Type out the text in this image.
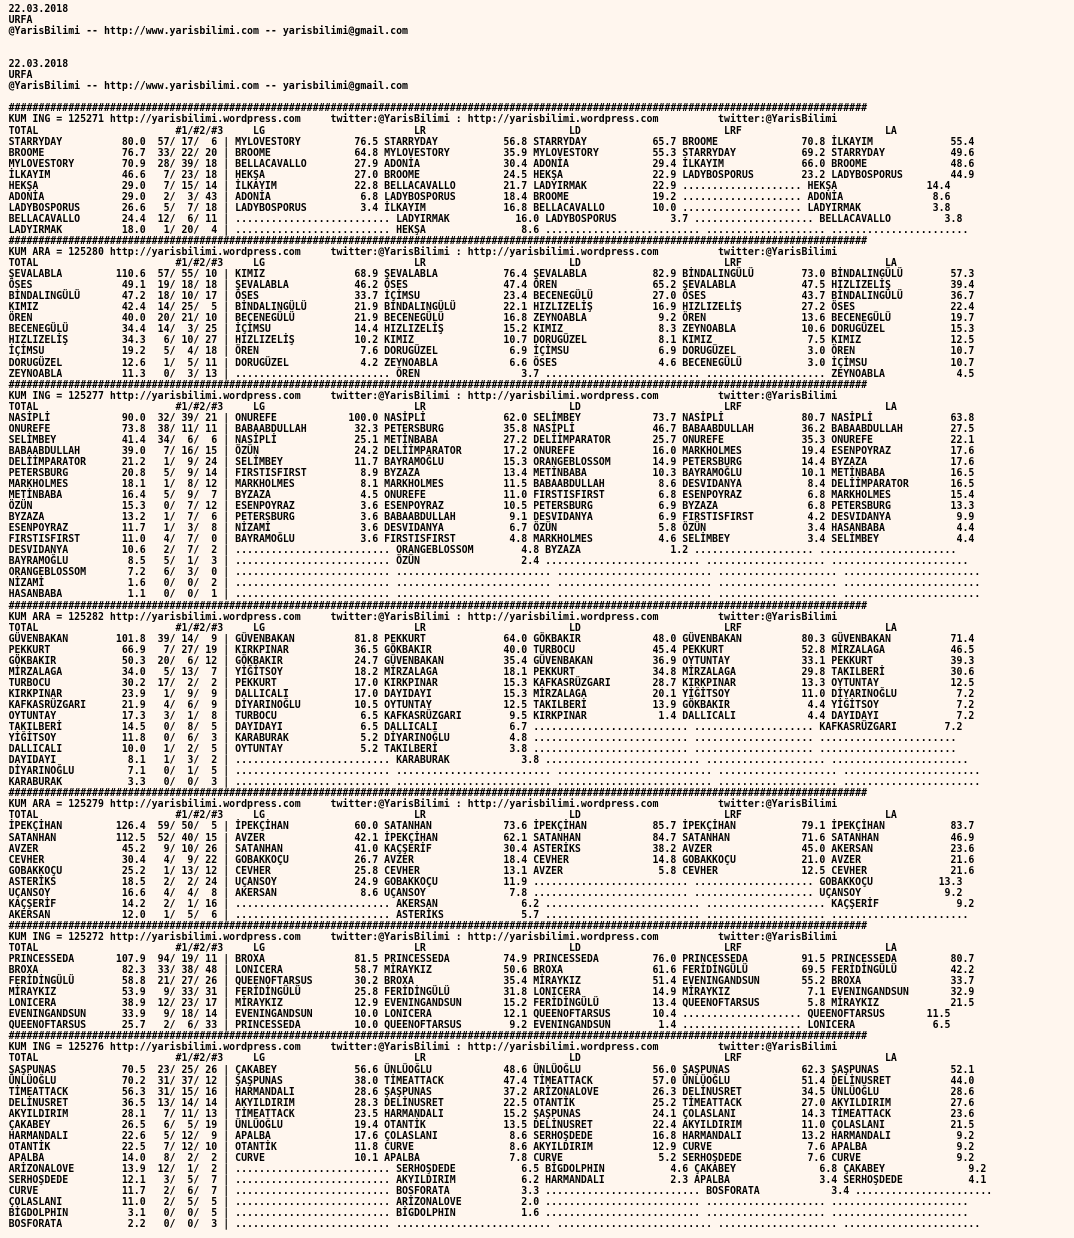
22.03.2018
URFA
@YarisBilimi -- http://www.yarisbilimi.com -- yarisbilimi@gmail.com
22.03.2018
URFA
@YarisBilimi -- http://www.yarisbilimi.com -- yarisbilimi@gmail.com
################################################################################################################################################
KUM ING = 125271 http://yarisbilimi.wordpress.com     twitter:@YarisBilimi : http://yarisbilimi.wordpress.com          twitter:@YarisBilimi
TOTAL                       #1/#2/#3     LG                         LR                        LD                        LRF                        LA
STARRYDAY          80.0  57/ 17/  6 | MYLOVESTORY         76.5 STARRYDAY           56.8 STARRYDAY           65.7 BROOME              70.8 İLKAYIM             55.4
BROOME             76.7  33/ 22/ 20 | BROOME              64.8 MYLOVESTORY         35.9 MYLOVESTORY         55.3 STARRYDAY           69.2 STARRYDAY           49.6
MYLOVESTORY        70.9  28/ 39/ 18 | BELLACAVALLO        27.9 ADONİA              30.4 ADONİA              29.4 İLKAYIM             66.0 BROOME              48.6
İLKAYIM            46.6   7/ 23/ 18 | HEKŞA               27.0 BROOME              24.5 HEKŞA               22.9 LADYBOSPORUS        23.2 LADYBOSPORUS        44.9
HEKŞA              29.0   7/ 15/ 14 | İLKAYIM             22.8 BELLACAVALLO        21.7 LADYIRMAK           22.9 .................... HEKŞA               14.4
ADONİA             29.0   2/  3/ 43 | ADONİA               6.8 LADYBOSPORUS        18.4 BROOME              19.2 .................... ADONİA               8.6
LADYBOSPORUS       26.6   5/  7/ 18 | LADYBOSPORUS         3.4 İLKAYIM             16.8 BELLACAVALLO        10.0 .................... LADYIRMAK            3.8
BELLACAVALLO       24.4  12/  6/ 11 | .......................... LADYIRMAK           16.0 LADYBOSPORUS         3.7 .................... BELLACAVALLO         3.8
LADYIRMAK          18.0   1/ 20/  4 | .......................... HEKŞA                8.6 .......................... .................... .......................
################################################################################################################################################
KUM ARA = 125280 http://yarisbilimi.wordpress.com     twitter:@YarisBilimi : http://yarisbilimi.wordpress.com          twitter:@YarisBilimi
TOTAL                       #1/#2/#3     LG                         LR                        LD                        LRF                        LA
ŞEVALABLA         110.6  57/ 55/ 10 | KIMIZ               68.9 ŞEVALABLA           76.4 ŞEVALABLA           82.9 BİNDALINGÜLÜ        73.0 BİNDALINGÜLÜ        57.3
ÖSES               49.1  19/ 18/ 18 | ŞEVALABLA           46.2 ÖSES                47.4 ÖREN                65.2 ŞEVALABLA           47.5 HIZLIZELİŞ          39.4
BİNDALINGÜLÜ       47.2  18/ 10/ 17 | ÖSES                33.7 İÇİMSU              23.4 BECENEGÜLÜ          27.0 ÖSES                43.7 BİNDALINGÜLÜ        36.7
KIMIZ              42.4  14/ 25/  5 | BİNDALINGÜLÜ        21.9 BİNDALINGÜLÜ        22.1 HIZLIZELİŞ          16.9 HIZLIZELİŞ          27.2 ÖSES                22.4
ÖREN               40.0  20/ 21/ 10 | BECENEGÜLÜ          21.9 BECENEGÜLÜ          16.8 ZEYNOABLA            9.2 ÖREN                13.6 BECENEGÜLÜ          19.7
BECENEGÜLÜ         34.4  14/  3/ 25 | İÇİMSU              14.4 HIZLIZELİŞ          15.2 KIMIZ                8.3 ZEYNOABLA           10.6 DORUGÜZEL           15.3
HIZLIZELİŞ         34.3   6/ 10/ 27 | HIZLIZELİŞ          10.2 KIMIZ               10.7 DORUGÜZEL            8.1 KIMIZ                7.5 KIMIZ               12.5
İÇİMSU             19.2   5/  4/ 18 | ÖREN                 7.6 DORUGÜZEL            6.9 İÇİMSU               6.9 DORUGÜZEL            3.0 ÖREN                10.7
DORUGÜZEL          12.6   1/  5/ 11 | DORUGÜZEL            4.2 ZEYNOABLA            6.6 ÖSES                 4.6 BECENEGÜLÜ           3.0 İÇİMSU              10.7
ZEYNOABLA          11.3   0/  3/ 13 | .......................... ÖREN                 3.7 .......................... .................... ZEYNOABLA            4.5
################################################################################################################################################
KUM ING = 125277 http://yarisbilimi.wordpress.com     twitter:@YarisBilimi : http://yarisbilimi.wordpress.com          twitter:@YarisBilimi
TOTAL                       #1/#2/#3     LG                         LR                        LD                        LRF                        LA
NASİPLİ            90.0  32/ 39/ 21 | ONUREFE            100.0 NASİPLİ             62.0 SELİMBEY            73.7 NASİPLİ             80.7 NASİPLİ             63.8
ONUREFE            73.8  38/ 11/ 11 | BABAABDULLAH        32.3 PETERSBURG          35.8 NASİPLİ             46.7 BABAABDULLAH        36.2 BABAABDULLAH        27.5
SELİMBEY           41.4  34/  6/  6 | NASİPLİ             25.1 METİNBABA           27.2 DELİİMPARATOR       25.7 ONUREFE             35.3 ONUREFE             22.1
BABAABDULLAH       39.0   7/ 16/ 15 | ÖZÜN                24.2 DELİİMPARATOR       17.2 ONUREFE             16.0 MARKHOLMES          19.4 ESENPOYRAZ          17.6
DELİİMPARATOR      21.2   1/  9/ 24 | SELİMBEY            11.7 BAYRAMOĞLU          15.3 ORANGEBLOSSOM       14.9 PETERSBURG          14.4 BYZAZA              17.6
PETERSBURG         20.8   5/  9/ 14 | FIRSTISFIRST         8.9 BYZAZA              13.4 METİNBABA           10.3 BAYRAMOĞLU          10.1 METİNBABA           16.5
MARKHOLMES         18.1   1/  8/ 12 | MARKHOLMES           8.1 MARKHOLMES          11.5 BABAABDULLAH         8.6 DESVIDANYA           8.4 DELİİMPARATOR       16.5
METİNBABA          16.4   5/  9/  7 | BYZAZA               4.5 ONUREFE             11.0 FIRSTISFIRST         6.8 ESENPOYRAZ           6.8 MARKHOLMES          15.4
ÖZÜN               15.3   0/  7/ 12 | ESENPOYRAZ           3.6 ESENPOYRAZ          10.5 PETERSBURG           6.9 BYZAZA               6.8 PETERSBURG          13.3
BYZAZA             13.2   1/  7/  6 | PETERSBURG           3.6 BABAABDULLAH         9.1 DESVIDANYA           6.9 FIRSTISFIRST         4.2 DESVIDANYA           9.9
ESENPOYRAZ         11.7   1/  3/  8 | NİZAMİ               3.6 DESVIDANYA           6.7 ÖZÜN                 5.8 ÖZÜN                 3.4 HASANBABA            4.4
FIRSTISFIRST       11.0   4/  7/  0 | BAYRAMOĞLU           3.6 FIRSTISFIRST         4.8 MARKHOLMES           4.6 SELİMBEY             3.4 SELİMBEY             4.4
DESVIDANYA         10.6   2/  7/  2 | .......................... ORANGEBLOSSOM        4.8 BYZAZA               1.2 .................... .......................
BAYRAMOĞLU          8.5   5/  1/  3 | .......................... ÖZÜN                 2.4 .......................... .................... .......................
ORANGEBLOSSOM       7.2   6/  3/  0 | .......................... .......................... .......................... .................... .......................
NİZAMİ              1.6   0/  0/  2 | .......................... .......................... .......................... .................... .......................
HASANBABA           1.1   0/  0/  1 | .......................... .......................... .......................... .................... .......................
################################################################################################################################################
KUM ARA = 125282 http://yarisbilimi.wordpress.com     twitter:@YarisBilimi : http://yarisbilimi.wordpress.com          twitter:@YarisBilimi
TOTAL                       #1/#2/#3     LG                         LR                        LD                        LRF                        LA
GÜVENBAKAN        101.8  39/ 14/  9 | GÜVENBAKAN          81.8 PEKKURT             64.0 GÖKBAKIR            48.0 GÜVENBAKAN          80.3 GÜVENBAKAN          71.4
PEKKURT            66.9   7/ 27/ 19 | KIRKPINAR           36.5 GÖKBAKIR            40.0 TURBOCU             45.4 PEKKURT             52.8 MİRZALAGA           46.5
GÖKBAKIR           50.3  20/  6/ 12 | GÖKBAKIR            24.7 GÜVENBAKAN          35.4 GÜVENBAKAN          36.9 OYTUNTAY            33.1 PEKKURT             39.3
MİRZALAGA          34.0   5/ 13/  7 | YİĞİTSOY            18.2 MİRZALAGA           18.1 PEKKURT             34.8 MİRZALAGA           29.8 TAKILBERİ           30.6
TURBOCU            30.2  17/  2/  2 | PEKKURT             17.0 KIRKPINAR           15.3 KAFKASRÜZGARI       28.7 KIRKPINAR           13.3 OYTUNTAY            12.5
KIRKPINAR          23.9   1/  9/  9 | DALLICALI           17.0 DAYIDAYI            15.3 MİRZALAGA           20.1 YİĞİTSOY            11.0 DİYARINOĞLU          7.2
KAFKASRÜZGARI      21.9   4/  6/  9 | DİYARINOĞLU         10.5 OYTUNTAY            12.5 TAKILBERİ           13.9 GÖKBAKIR             4.4 YİĞİTSOY             7.2
OYTUNTAY           17.3   3/  1/  8 | TURBOCU              6.5 KAFKASRÜZGARI        9.5 KIRKPINAR            1.4 DALLICALI            4.4 DAYIDAYI             7.2
TAKILBERİ          14.5   0/  8/  5 | DAYIDAYI             6.5 DALLICALI            6.7 .......................... .................... KAFKASRÜZGARI        7.2
YİĞİTSOY           11.8   0/  6/  3 | KARABURAK            5.2 DİYARINOĞLU          4.8 .......................... .................... .......................
DALLICALI          10.0   1/  2/  5 | OYTUNTAY             5.2 TAKILBERİ            3.8 .......................... .................... .......................
DAYIDAYI            8.1   1/  3/  2 | .......................... KARABURAK            3.8 .......................... .................... .......................
DİYARINOĞLU         7.1   0/  1/  5 | .......................... .......................... .......................... .................... .......................
KARABURAK           3.3   0/  0/  3 | .......................... .......................... .......................... .................... .......................
################################################################################################################################################
KUM ARA = 125279 http://yarisbilimi.wordpress.com     twitter:@YarisBilimi : http://yarisbilimi.wordpress.com          twitter:@YarisBilimi
TOTAL                       #1/#2/#3     LG                         LR                        LD                        LRF                        LA
İPEKÇİHAN         126.4  59/ 50/  5 | İPEKÇİHAN           60.0 SATANHAN            73.6 İPEKÇİHAN           85.7 İPEKÇİHAN           79.1 İPEKÇİHAN           83.7
SATANHAN          112.5  52/ 40/ 15 | AVZER               42.1 İPEKÇİHAN           62.1 SATANHAN            84.7 SATANHAN            71.6 SATANHAN            46.9
AVZER              45.2   9/ 10/ 26 | SATANHAN            41.0 KAÇŞERİF            30.4 ASTERİKS            38.2 AVZER               45.0 AKERSAN             23.6
CEVHER             30.4   4/  9/ 22 | GOBAKKOÇU           26.7 AVZER               18.4 CEVHER              14.8 GOBAKKOÇU           21.0 AVZER               21.6
GOBAKKOÇU          25.2   1/ 13/ 12 | CEVHER              25.8 CEVHER              13.1 AVZER                5.8 CEVHER              12.5 CEVHER              21.6
ASTERİKS           18.5   2/  2/ 24 | UÇANSOY             24.9 GOBAKKOÇU           11.9 .......................... .................... GOBAKKOÇU           13.3
UÇANSOY            16.6   4/  4/  8 | AKERSAN              8.6 UÇANSOY              7.8 .......................... .................... UÇANSOY              9.2
KAÇŞERİF           14.2   2/  1/ 16 | .......................... AKERSAN              6.2 .......................... .................... KAÇŞERİF             9.2
AKERSAN            12.0   1/  5/  6 | .......................... ASTERİKS             5.7 .......................... .................... .......................
################################################################################################################################################
KUM ING = 125272 http://yarisbilimi.wordpress.com     twitter:@YarisBilimi : http://yarisbilimi.wordpress.com          twitter:@YarisBilimi
TOTAL                       #1/#2/#3     LG                         LR                        LD                        LRF                        LA
PRINCESSEDA       107.9  94/ 19/ 11 | BROXA               81.5 PRINCESSEDA         74.9 PRINCESSEDA         76.0 PRINCESSEDA         91.5 PRINCESSEDA         80.7
BROXA              82.3  33/ 38/ 48 | LONICERA            58.7 MİRAYKIZ            50.6 BROXA               61.6 FERİDİNGÜLÜ         69.5 FERİDİNGÜLÜ         42.2
FERİDİNGÜLÜ        58.8  21/ 27/ 26 | QUEENOFTARSUS       30.2 BROXA               35.4 MİRAYKIZ            51.4 EVENINGANDSUN       55.2 BROXA               33.7
MİRAYKIZ           53.9   9/ 33/ 31 | FERİDİNGÜLÜ         25.8 FERİDİNGÜLÜ         31.8 LONICERA            14.9 MİRAYKIZ             7.1 EVENINGANDSUN       32.9
LONICERA           38.9  12/ 23/ 17 | MİRAYKIZ            12.9 EVENINGANDSUN       15.2 FERİDİNGÜLÜ         13.4 QUEENOFTARSUS        5.8 MİRAYKIZ            21.5
EVENINGANDSUN      33.9   9/ 18/ 14 | EVENINGANDSUN       10.0 LONICERA            12.1 QUEENOFTARSUS       10.4 .................... QUEENOFTARSUS       11.5
QUEENOFTARSUS      25.7   2/  6/ 33 | PRINCESSEDA         10.0 QUEENOFTARSUS        9.2 EVENINGANDSUN        1.4 .................... LONICERA             6.5
################################################################################################################################################
KUM ING = 125276 http://yarisbilimi.wordpress.com     twitter:@YarisBilimi : http://yarisbilimi.wordpress.com          twitter:@YarisBilimi
TOTAL                       #1/#2/#3     LG                         LR                        LD                        LRF                        LA
ŞAŞPUNAS           70.5  23/ 25/ 26 | ÇAKABEY             56.6 ÜNLÜOĞLU            48.6 ÜNLÜOĞLU            56.0 ŞAŞPUNAS            62.3 ŞAŞPUNAS            52.1
ÜNLÜOĞLU           70.2  31/ 37/ 12 | ŞAŞPUNAS            38.0 TİMEATTACK          47.4 TİMEATTACK          57.0 ÜNLÜOĞLU            51.4 DELİNUSRET          44.0
TİMEATTACK         56.3  31/ 15/ 16 | HARMANDALI          28.6 ŞAŞPUNAS            37.2 ARİZONALOVE         26.3 DELİNUSRET          34.5 ÜNLÜOĞLU            28.6
DELİNUSRET         36.5  13/ 14/ 14 | AKYILDIRIM          28.3 DELİNUSRET          22.5 OTANTİK             25.2 TİMEATTACK          27.0 AKYILDIRIM          27.6
AKYILDIRIM         28.1   7/ 11/ 13 | TİMEATTACK          23.5 HARMANDALI          15.2 ŞAŞPUNAS            24.1 ÇOLASLANI           14.3 TİMEATTACK          23.6
ÇAKABEY            26.5   6/  5/ 19 | ÜNLÜOĞLU            19.4 OTANTİK             13.5 DELİNUSRET          22.4 AKYILDIRIM          11.0 ÇOLASLANI           21.5
HARMANDALI         22.6   5/ 12/  9 | APALBA              17.6 ÇOLASLANI            8.6 SERHOŞDEDE          16.8 HARMANDALI          13.2 HARMANDALI           9.2
OTANTİK            22.5   7/ 12/ 10 | OTANTİK             11.8 CURVE                8.6 AKYILDIRIM          12.9 CURVE                7.6 APALBA               9.2
APALBA             14.0   8/  2/  2 | CURVE               10.1 APALBA               7.8 CURVE                5.2 SERHOŞDEDE           7.6 CURVE                9.2
ARİZONALOVE        13.9  12/  1/  2 | .......................... SERHOŞDEDE           6.5 BİGDOLPHIN           4.6 ÇAKABEY              6.8 ÇAKABEY              9.2
SERHOŞDEDE         12.1   3/  5/  7 | .......................... AKYILDIRIM           6.2 HARMANDALI           2.3 APALBA               3.4 SERHOŞDEDE           4.1
CURVE              11.7   2/  6/  7 | .......................... BOSFORATA            3.3 .......................... BOSFORATA            3.4 .......................
ÇOLASLANI          11.0   2/  5/  5 | .......................... ARİZONALOVE          2.0 .......................... .................... .......................
BİGDOLPHIN          3.1   0/  0/  5 | .......................... BİGDOLPHIN           1.6 .......................... .................... .......................
BOSFORATA           2.2   0/  0/  3 | .......................... .......................... .......................... .................... .......................
